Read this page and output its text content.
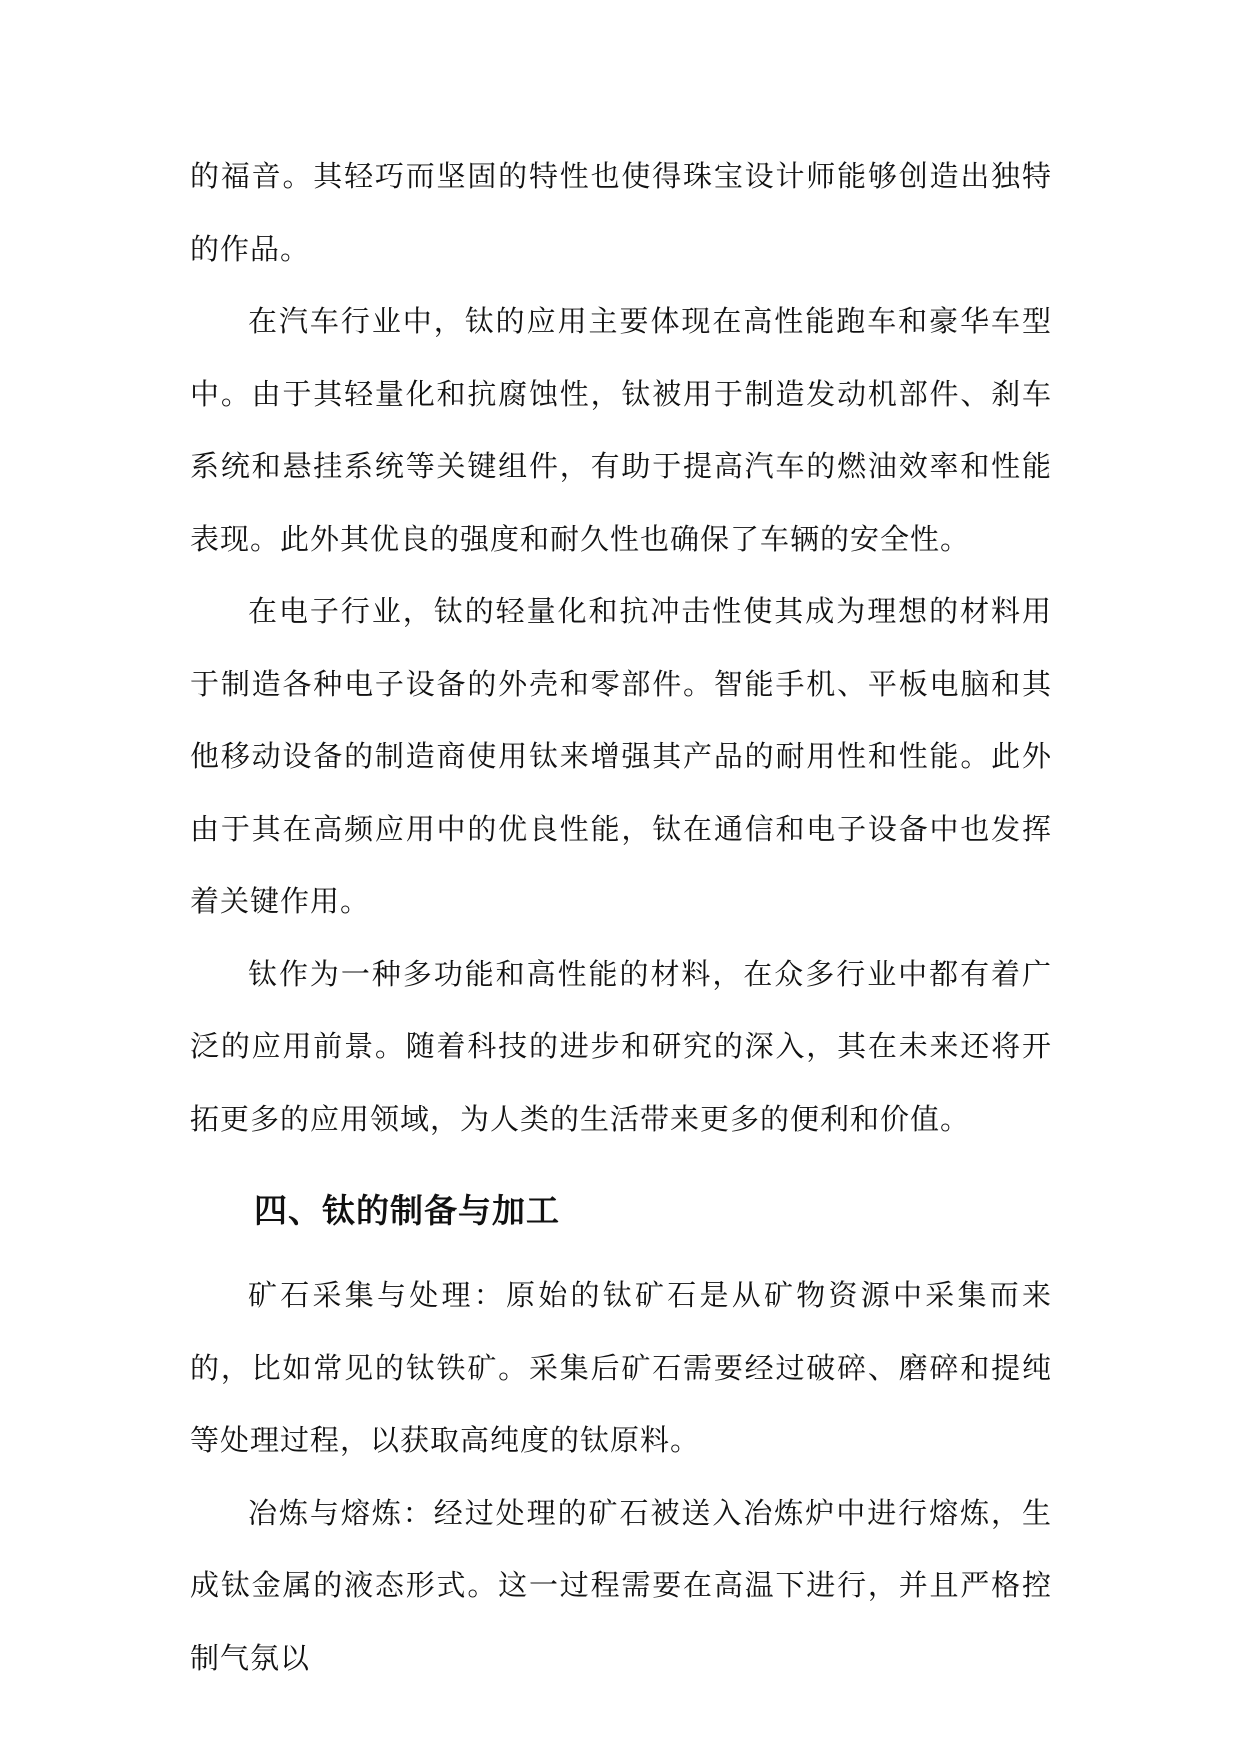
的福音。其轻巧而坚固的特性也使得珠宝设计师能够创造出独特的作品。

在汽车行业中，钛的应用主要体现在高性能跑车和豪华车型中。由于其轻量化和抗腐蚀性，钛被用于制造发动机部件、刹车系统和悬挂系统等关键组件，有助于提高汽车的燃油效率和性能表现。此外其优良的强度和耐久性也确保了车辆的安全性。

在电子行业，钛的轻量化和抗冲击性使其成为理想的材料用于制造各种电子设备的外壳和零部件。智能手机、平板电脑和其他移动设备的制造商使用钛来增强其产品的耐用性和性能。此外由于其在高频应用中的优良性能，钛在通信和电子设备中也发挥着关键作用。

钛作为一种多功能和高性能的材料，在众多行业中都有着广泛的应用前景。随着科技的进步和研究的深入，其在未来还将开拓更多的应用领域，为人类的生活带来更多的便利和价值。

四、钛的制备与加工

矿石采集与处理：原始的钛矿石是从矿物资源中采集而来的，比如常见的钛铁矿。采集后矿石需要经过破碎、磨碎和提纯等处理过程，以获取高纯度的钛原料。

冶炼与熔炼：经过处理的矿石被送入冶炼炉中进行熔炼，生成钛金属的液态形式。这一过程需要在高温下进行，并且严格控制气氛以
